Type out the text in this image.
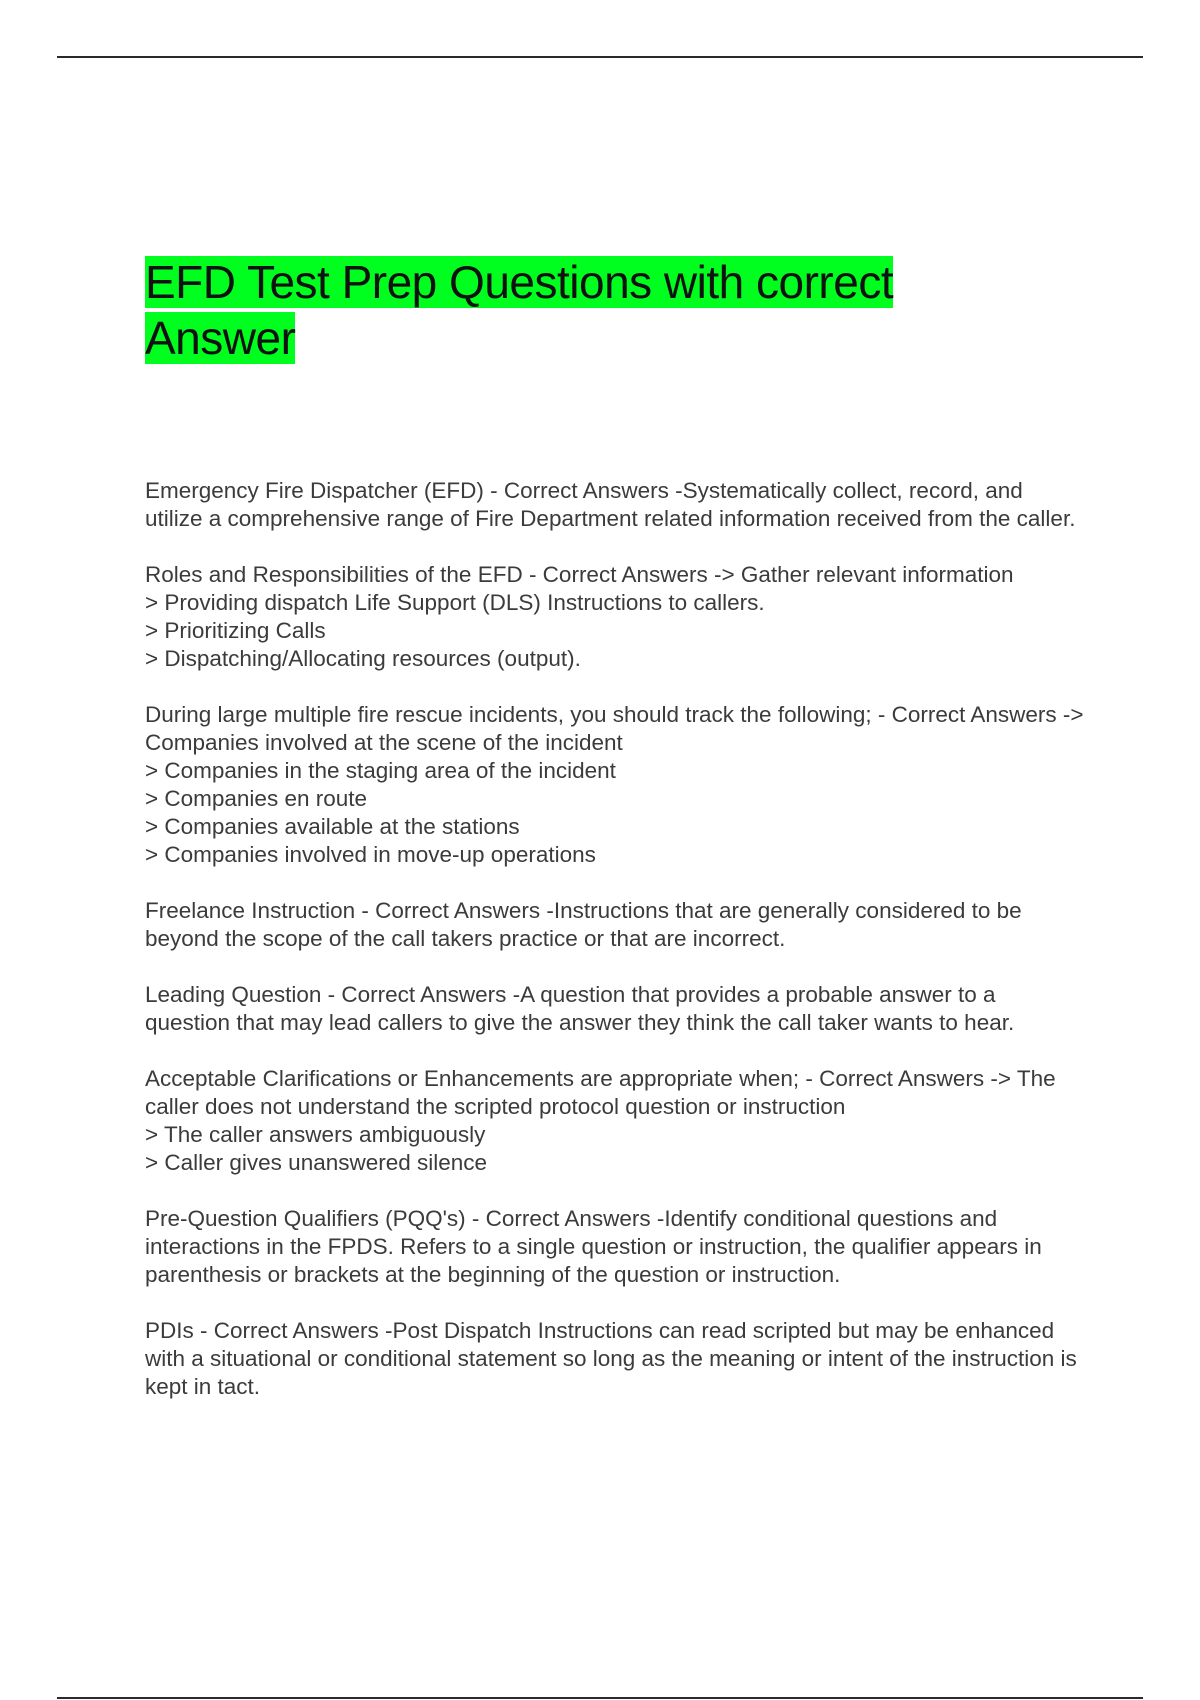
EFD Test Prep Questions with correct Answer

Emergency Fire Dispatcher (EFD) - Correct Answers -Systematically collect, record, and utilize a comprehensive range of Fire Department related information received from the caller.

Roles and Responsibilities of the EFD - Correct Answers -> Gather relevant information
> Providing dispatch Life Support (DLS) Instructions to callers.
> Prioritizing Calls
> Dispatching/Allocating resources (output).

During large multiple fire rescue incidents, you should track the following; - Correct Answers -> Companies involved at the scene of the incident
> Companies in the staging area of the incident
> Companies en route
> Companies available at the stations
> Companies involved in move-up operations

Freelance Instruction - Correct Answers -Instructions that are generally considered to be beyond the scope of the call takers practice or that are incorrect.

Leading Question - Correct Answers -A question that provides a probable answer to a question that may lead callers to give the answer they think the call taker wants to hear.

Acceptable Clarifications or Enhancements are appropriate when; - Correct Answers -> The caller does not understand the scripted protocol question or instruction
> The caller answers ambiguously
> Caller gives unanswered silence

Pre-Question Qualifiers (PQQ's) - Correct Answers -Identify conditional questions and interactions in the FPDS. Refers to a single question or instruction, the qualifier appears in parenthesis or brackets at the beginning of the question or instruction.

PDIs - Correct Answers -Post Dispatch Instructions can read scripted but may be enhanced with a situational or conditional statement so long as the meaning or intent of the instruction is kept in tact.
